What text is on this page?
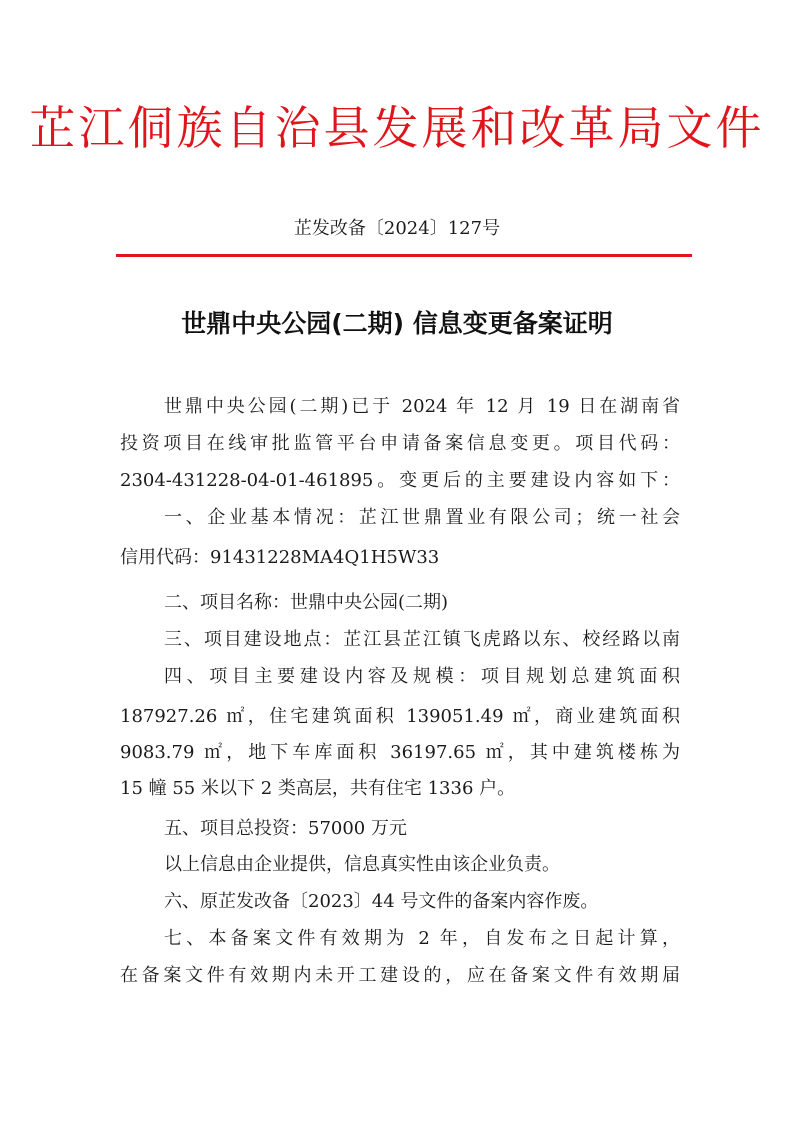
芷江侗族自治县发展和改革局文件
芷发改备〔2024〕127号
世鼎中央公园(二期) 信息变更备案证明
世鼎中央公园(二期)已于 2024 年 12 月 19 日在湖南省
投资项目在线审批监管平台申请备案信息变更。项目代码：
2304-431228-04-01-461895。变更后的主要建设内容如下：
一、企业基本情况：芷江世鼎置业有限公司；统一社会
信用代码：91431228MA4Q1H5W33
二、项目名称：世鼎中央公园(二期)
三、项目建设地点：芷江县芷江镇飞虎路以东、校经路以南
四、项目主要建设内容及规模：项目规划总建筑面积
187927.26 ㎡，住宅建筑面积 139051.49 ㎡，商业建筑面积
9083.79 ㎡，地下车库面积 36197.65 ㎡，其中建筑楼栋为
15 幢 55 米以下 2 类高层，共有住宅 1336 户。
五、项目总投资：57000 万元
以上信息由企业提供，信息真实性由该企业负责。
六、原芷发改备〔2023〕44 号文件的备案内容作废。
七、本备案文件有效期为 2 年，自发布之日起计算，
在备案文件有效期内未开工建设的，应在备案文件有效期届
